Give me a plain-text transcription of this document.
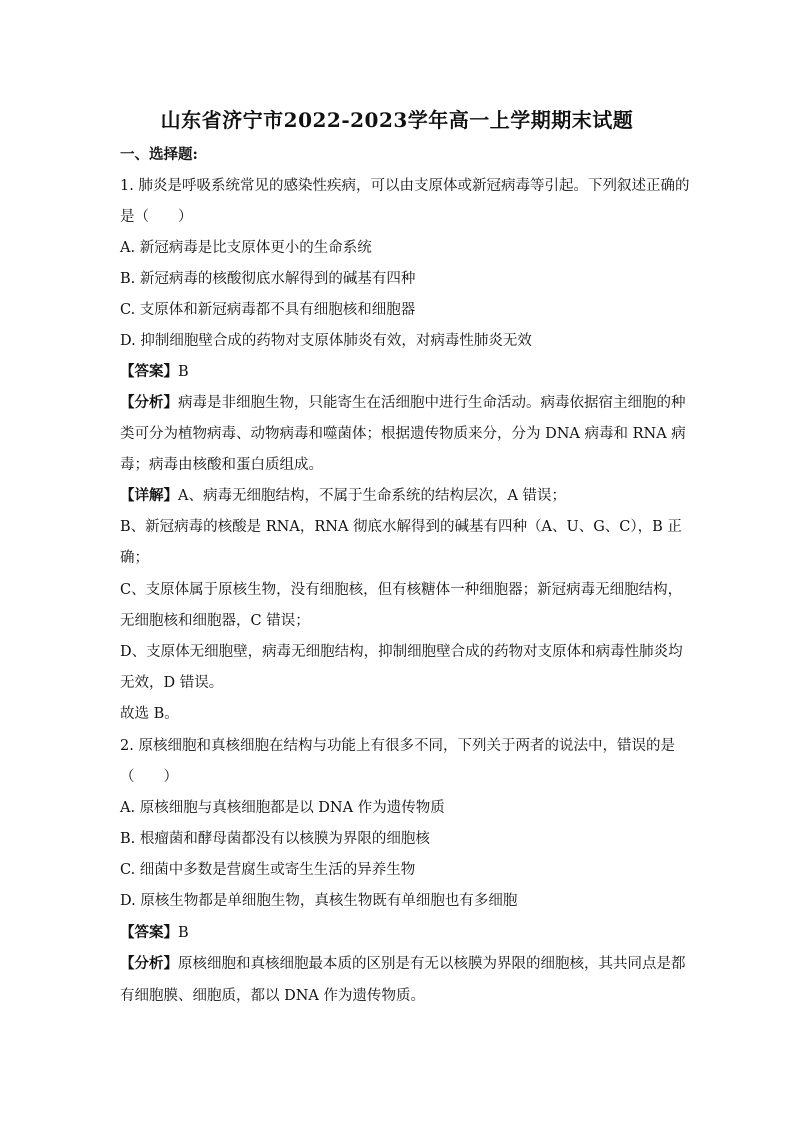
山东省济宁市2022-2023学年高一上学期期末试题
一、选择题:
1. 肺炎是呼吸系统常见的感染性疾病，可以由支原体或新冠病毒等引起。下列叙述正确的
是（　　）
A. 新冠病毒是比支原体更小的生命系统
B. 新冠病毒的核酸彻底水解得到的碱基有四种
C. 支原体和新冠病毒都不具有细胞核和细胞器
D. 抑制细胞壁合成的药物对支原体肺炎有效，对病毒性肺炎无效
【答案】B
【分析】病毒是非细胞生物，只能寄生在活细胞中进行生命活动。病毒依据宿主细胞的种
类可分为植物病毒、动物病毒和噬菌体；根据遗传物质来分，分为 DNA 病毒和 RNA 病
毒；病毒由核酸和蛋白质组成。
【详解】A、病毒无细胞结构，不属于生命系统的结构层次，A 错误；
B、新冠病毒的核酸是 RNA，RNA 彻底水解得到的碱基有四种（A、U、G、C），B 正
确；
C、支原体属于原核生物，没有细胞核，但有核糖体一种细胞器；新冠病毒无细胞结构，
无细胞核和细胞器，C 错误；
D、支原体无细胞壁，病毒无细胞结构，抑制细胞壁合成的药物对支原体和病毒性肺炎均
无效，D 错误。
故选 B。
2. 原核细胞和真核细胞在结构与功能上有很多不同，下列关于两者的说法中，错误的是
（　　）
A. 原核细胞与真核细胞都是以 DNA 作为遗传物质
B. 根瘤菌和酵母菌都没有以核膜为界限的细胞核
C. 细菌中多数是营腐生或寄生生活的异养生物
D. 原核生物都是单细胞生物，真核生物既有单细胞也有多细胞
【答案】B
【分析】原核细胞和真核细胞最本质的区别是有无以核膜为界限的细胞核，其共同点是都
有细胞膜、细胞质，都以 DNA 作为遗传物质。
